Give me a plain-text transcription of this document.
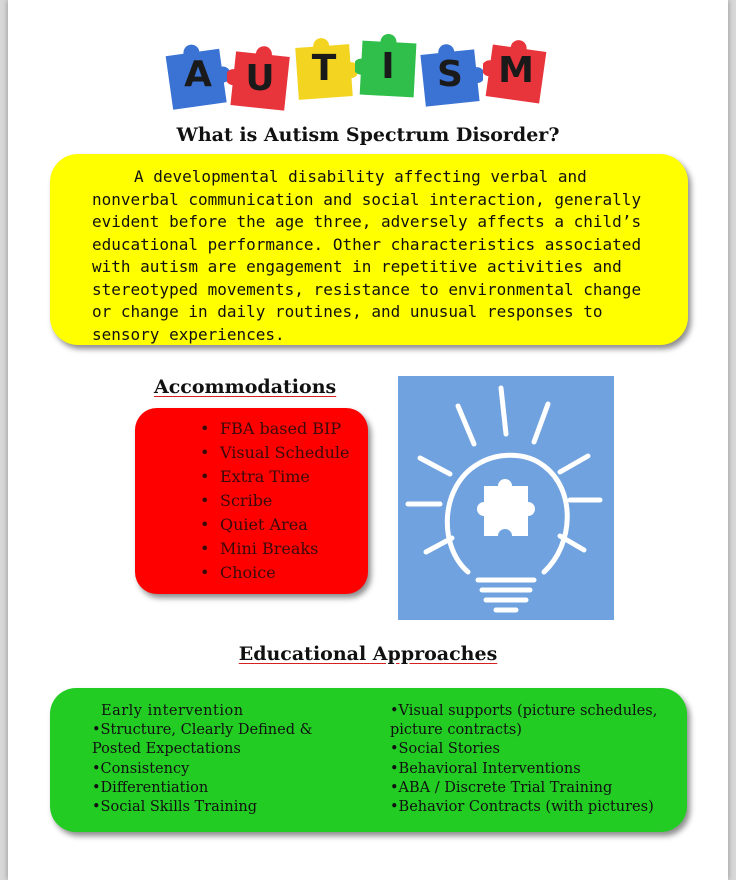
A U	T	I	S M
What is Autism Spectrum Disorder?
A developmental disability affecting verbal and nonverbal communication and social interaction, generally evident before the age three, adversely affects a child’s educational performance. Other characteristics associated with autism are engagement in repetitive activities and stereotyped movements, resistance to environmental change or change in daily routines, and unusual responses to sensory experiences.
Accommodations
• FBA based BIP
• Visual Schedule
• Extra Time
• Scribe
• Quiet Area
• Mini Breaks
• Choice
Educational Approaches
Early intervention
•Structure, Clearly Defined &
Posted Expectations
•Consistency
•Differentiation
•Social Skills Training
•Visual supports (picture schedules,
picture contracts)
•Social Stories
•Behavioral Interventions
•ABA / Discrete Trial Training
•Behavior Contracts (with pictures)
